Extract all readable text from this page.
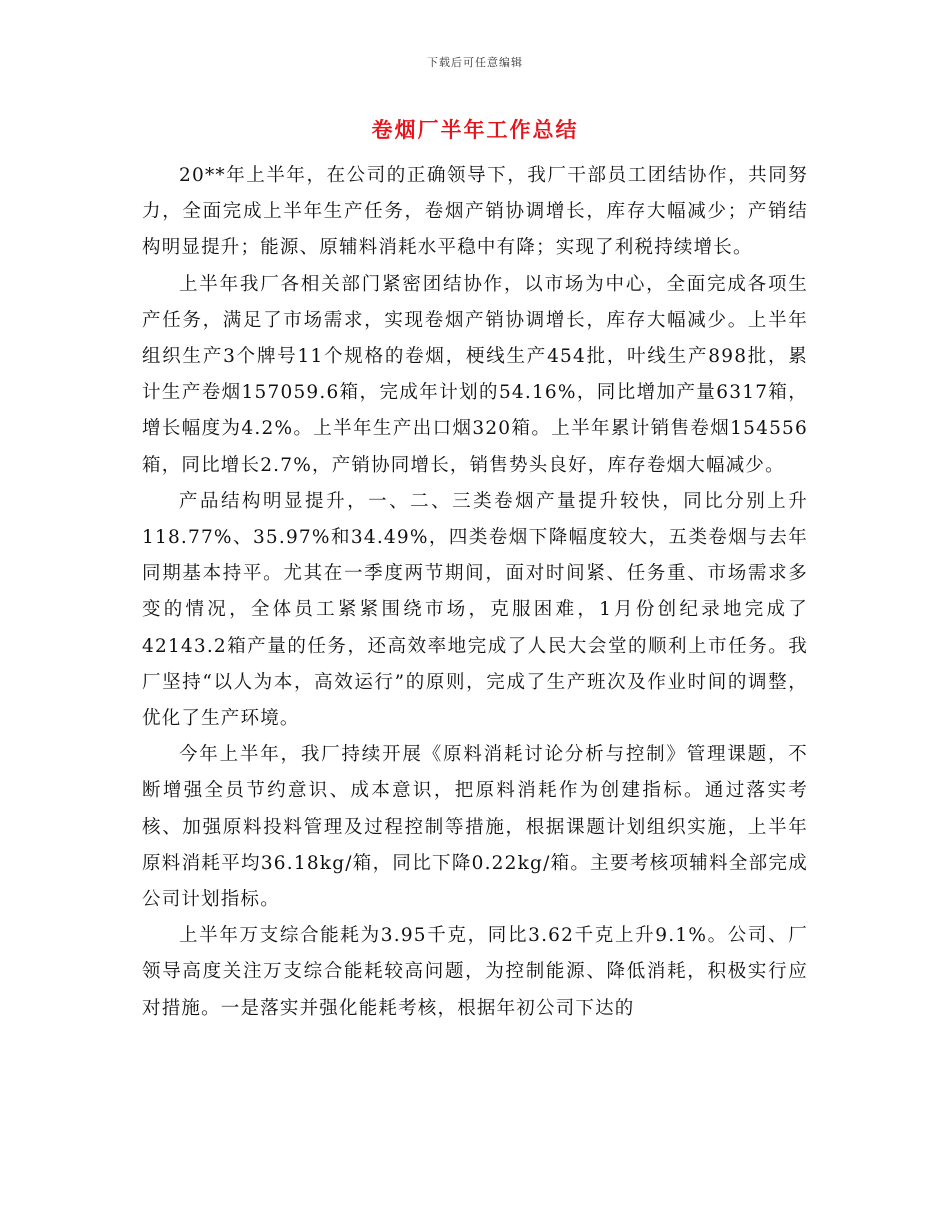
下载后可任意编辑
卷烟厂半年工作总结

20**年上半年，在公司的正确领导下，我厂干部员工团结协作，共同努力，全面完成上半年生产任务，卷烟产销协调增长，库存大幅减少；产销结构明显提升；能源、原辅料消耗水平稳中有降；实现了利税持续增长。

上半年我厂各相关部门紧密团结协作，以市场为中心，全面完成各项生产任务，满足了市场需求，实现卷烟产销协调增长，库存大幅减少。上半年组织生产3个牌号11个规格的卷烟，梗线生产454批，叶线生产898批，累计生产卷烟157059.6箱，完成年计划的54.16%，同比增加产量6317箱，增长幅度为4.2%。上半年生产出口烟320箱。上半年累计销售卷烟154556箱，同比增长2.7%，产销协同增长，销售势头良好，库存卷烟大幅减少。

产品结构明显提升，一、二、三类卷烟产量提升较快，同比分别上升118.77%、35.97%和34.49%，四类卷烟下降幅度较大，五类卷烟与去年同期基本持平。尤其在一季度两节期间，面对时间紧、任务重、市场需求多变的情况，全体员工紧紧围绕市场，克服困难，1月份创纪录地完成了42143.2箱产量的任务，还高效率地完成了人民大会堂的顺利上市任务。我厂坚持“以人为本，高效运行”的原则，完成了生产班次及作业时间的调整，优化了生产环境。

今年上半年，我厂持续开展《原料消耗讨论分析与控制》管理课题，不断增强全员节约意识、成本意识，把原料消耗作为创建指标。通过落实考核、加强原料投料管理及过程控制等措施，根据课题计划组织实施，上半年原料消耗平均36.18kg/箱，同比下降0.22kg/箱。主要考核项辅料全部完成公司计划指标。

上半年万支综合能耗为3.95千克，同比3.62千克上升9.1%。公司、厂领导高度关注万支综合能耗较高问题，为控制能源、降低消耗，积极实行应对措施。一是落实并强化能耗考核，根据年初公司下达的
